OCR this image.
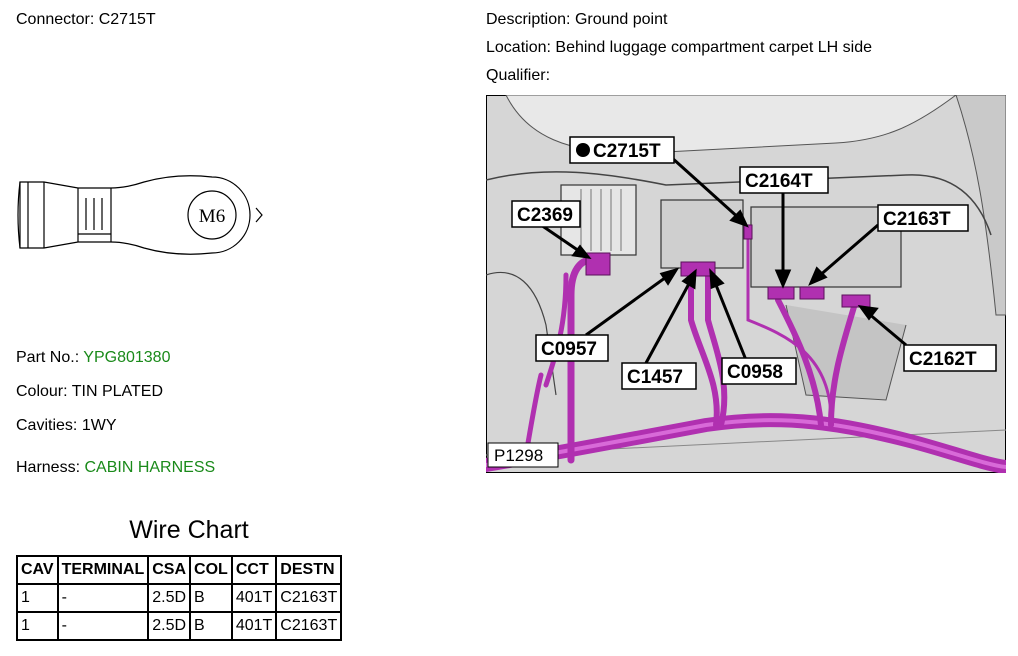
Connector: C2715T	Description: Ground point
Location: Behind luggage compartment carpet LH side
Qualifier:
M6
Part No.: YPG801380
Colour: TIN PLATED
Cavities: 1WY
Harness: CABIN HARNESS
Wire Chart
CAV	TERMINAL	CSA	COL	CCT	DESTN
1	-	2.5D	B	401T	C2163T
1	-	2.5D	B	401T	C2163T
C2715T
C2369
C2164T
C2163T
C0957
C1457 C0958
C2162T
P1298
